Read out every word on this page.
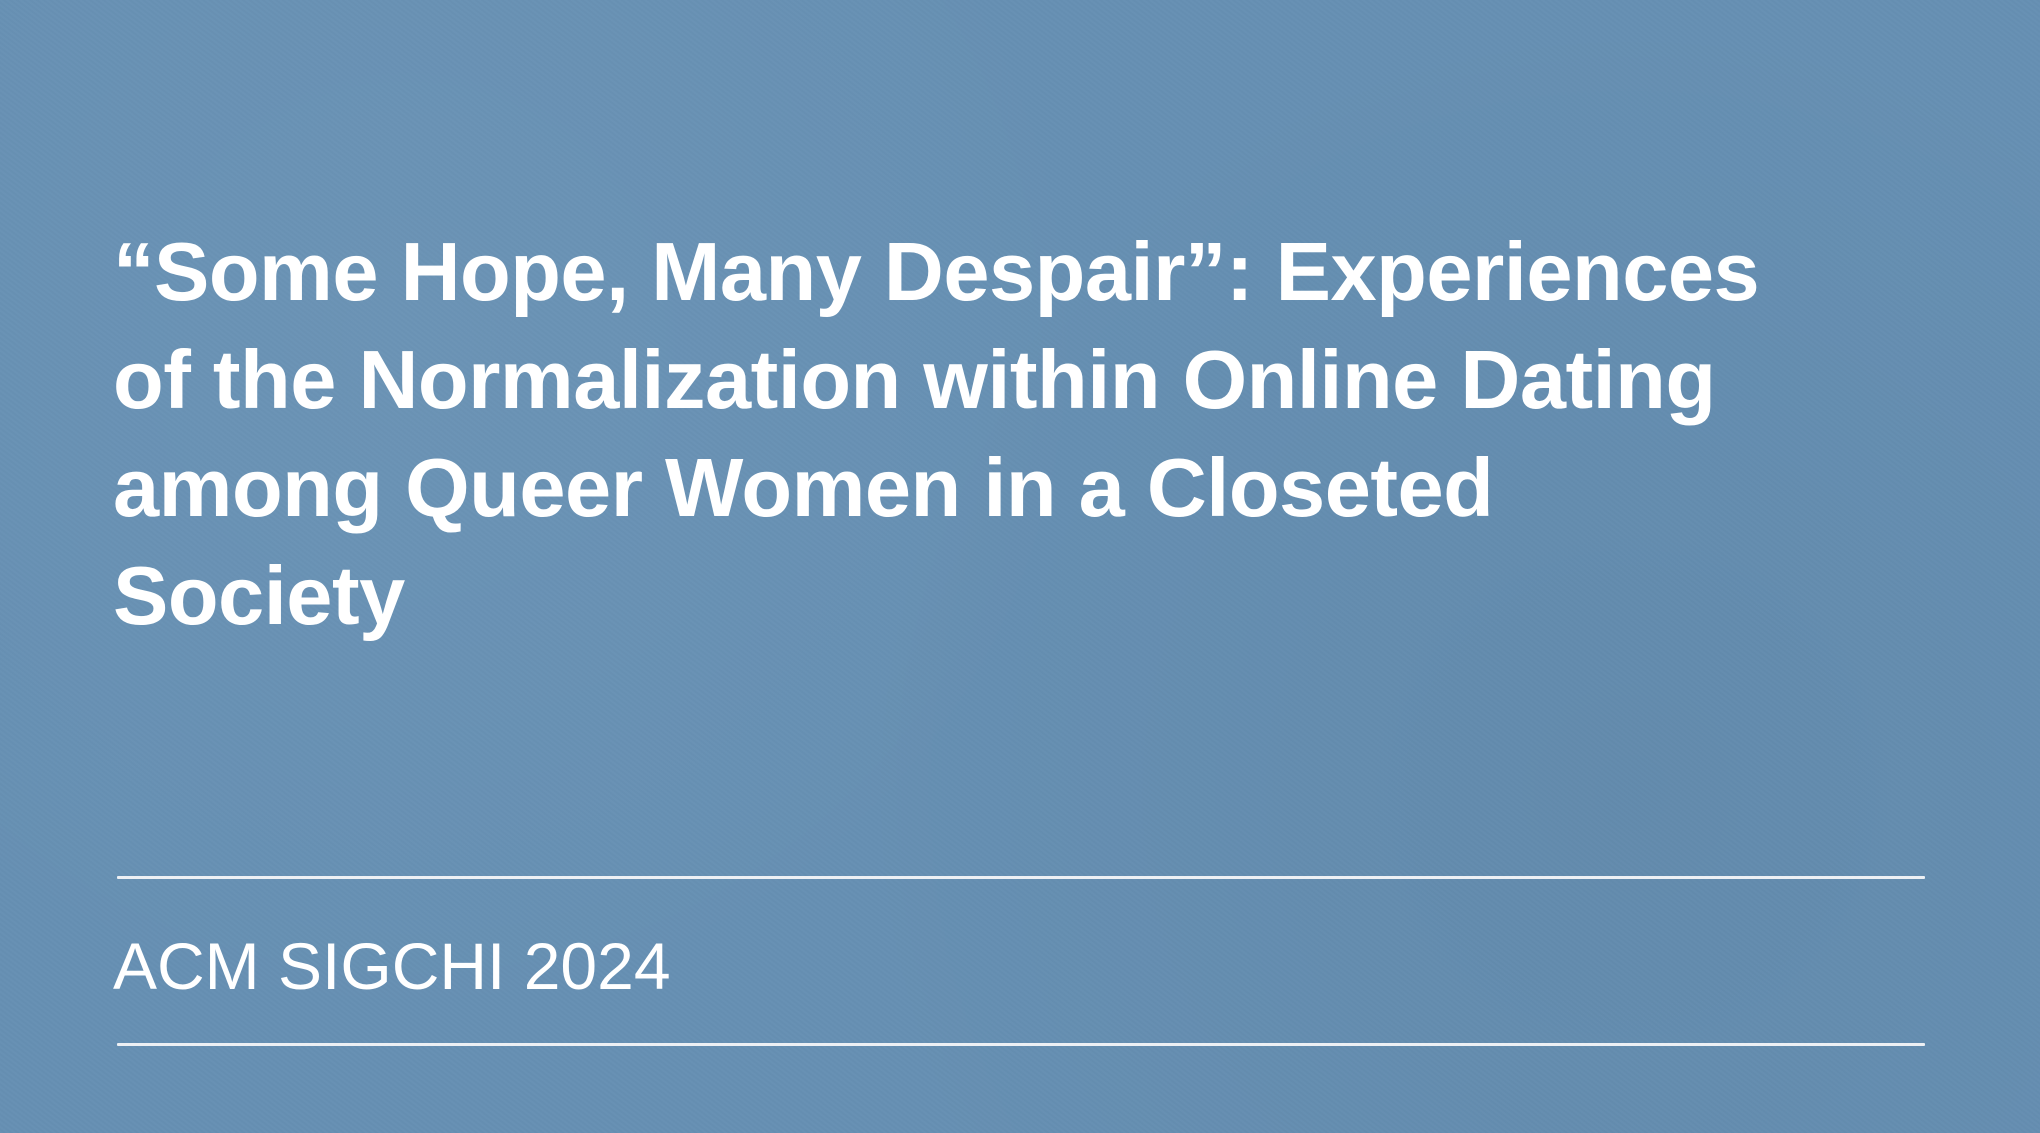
“Some Hope, Many Despair”: Experiences
of the Normalization within Online Dating
among Queer Women in a Closeted
Society

ACM SIGCHI 2024
